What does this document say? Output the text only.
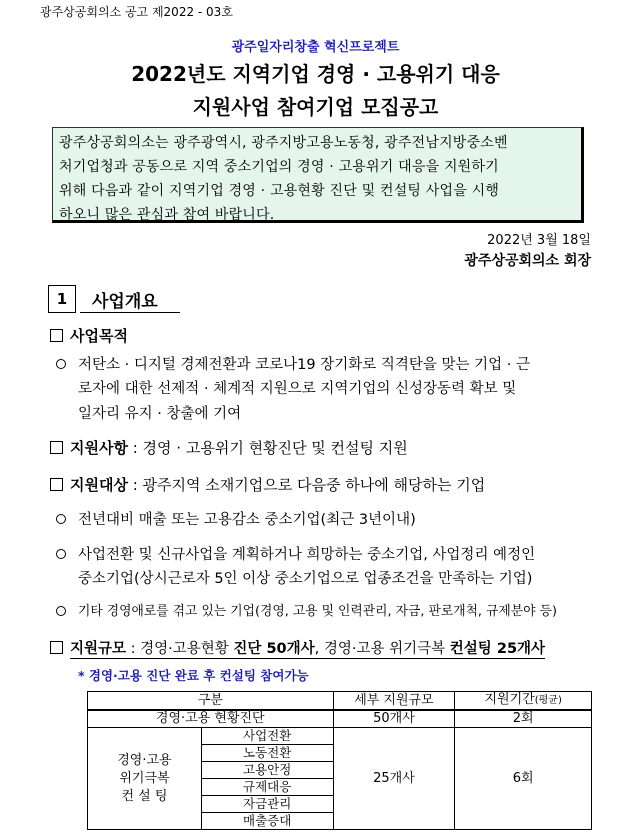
광주상공회의소 공고 제2022 - 03호
광주일자리창출 혁신프로젝트
2022년도 지역기업 경영 · 고용위기 대응
지원사업 참여기업 모집공고
광주상공회의소는 광주광역시, 광주지방고용노동청, 광주전남지방중소벤
처기업청과 공동으로 지역 중소기업의 경영 · 고용위기 대응을 지원하기
위해 다음과 같이 지역기업 경영 · 고용현황 진단 및 컨설팅 사업을 시행
하오니 많은 관심과 참여 바랍니다.
2022년 3월 18일
광주상공회의소 회장
1	사업개요
사업목적
저탄소 · 디지털 경제전환과 코로나19 장기화로 직격탄을 맞는 기업 · 근
로자에 대한 선제적 · 체계적 지원으로 지역기업의 신성장동력 확보 및
일자리 유지 · 창출에 기여
지원사항 : 경영 · 고용위기 현황진단 및 컨설팅 지원
지원대상 : 광주지역 소재기업으로 다음중 하나에 해당하는 기업
전년대비 매출 또는 고용감소 중소기업(최근 3년이내)
사업전환 및 신규사업을 계획하거나 희망하는 중소기업, 사업정리 예정인
중소기업(상시근로자 5인 이상 중소기업으로 업종조건을 만족하는 기업)
기타 경영애로를 겪고 있는 기업(경영, 고용 및 인력관리, 자금, 판로개척, 규제분야 등)
지원규모 : 경영·고용현황 진단 50개사, 경영·고용 위기극복 컨설팅 25개사
* 경영·고용 진단 완료 후 컨설팅 참여가능
구분		세부 지원규모	지원기간(평균)
경영·고용 현황진단		50개사	2회

경영·고용
위기극복
컨 설 팅	사업전환	25개사	6회
	노동전환		
	고용안정		
	규제대응		
	자금관리		
	매출증대		
